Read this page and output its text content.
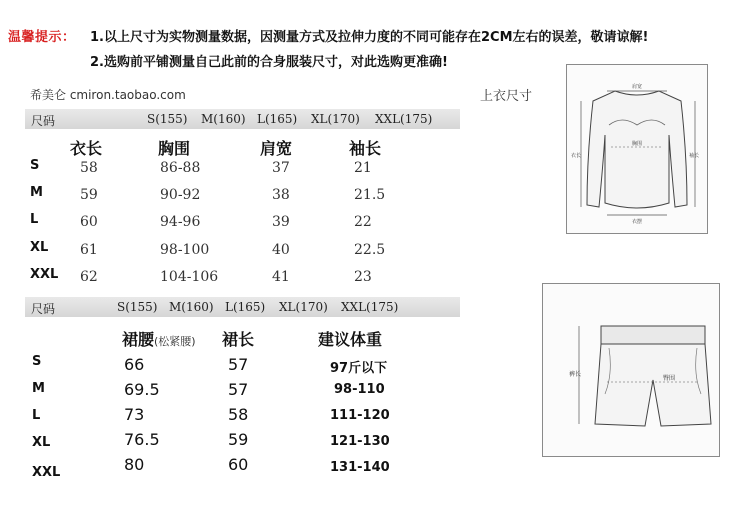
温馨提示： 1.以上尺寸为实物测量数据，因测量方式及拉伸力度的不同可能存在2CM左右的误差，敬请谅解!
2.选购前平铺测量自己此前的合身服装尺寸，对此选购更准确!
希美仑 cmiron.taobao.com	上衣尺寸
尺码	S(155) M(160) L(165) XL(170) XXL(175)
衣长	胸围	肩宽	袖长
S	58	86-88	37	21
M	59	90-92	38	21.5
L	60	94-96	39	22
XL 61	98-100	40	22.5
XXL 62	104-106	41	23
尺码	S(155) M(160) L(165) XL(170) XXL(175)
裙腰(松紧腰) 裙长	建议体重
S	66	57	97斤以下
M	69.5	57	98-110
L	73	58	111-120
XL	76.5	59	121-130
XXL	80	60	131-140
肩宽
胸围
衣长	袖长
衣摆
裤长
臀围
